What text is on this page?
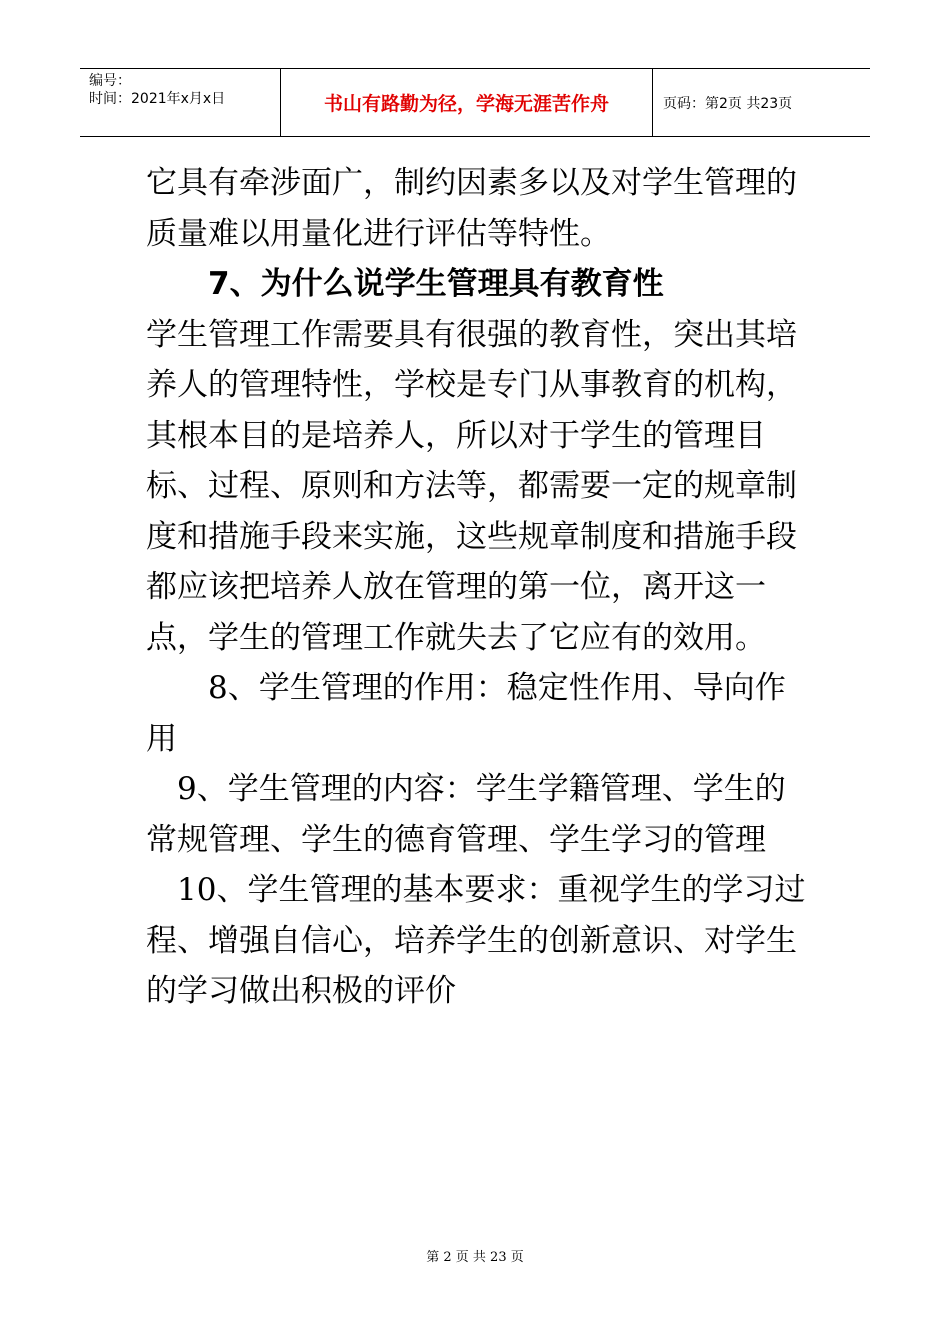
编号：
时间：2021年x月x日	书山有路勤为径，学海无涯苦作舟	页码：第2页 共23页

它具有牵涉面广，制约因素多以及对学生管理的质量难以用量化进行评估等特性。

7、为什么说学生管理具有教育性

学生管理工作需要具有很强的教育性，突出其培养人的管理特性，学校是专门从事教育的机构，其根本目的是培养人，所以对于学生的管理目标、过程、原则和方法等，都需要一定的规章制度和措施手段来实施，这些规章制度和措施手段都应该把培养人放在管理的第一位，离开这一点，学生的管理工作就失去了它应有的效用。

8、学生管理的作用：稳定性作用、导向作用

9、学生管理的内容：学生学籍管理、学生的常规管理、学生的德育管理、学生学习的管理

10、学生管理的基本要求：重视学生的学习过程、增强自信心，培养学生的创新意识、对学生的学习做出积极的评价

第 2 页 共 23 页
